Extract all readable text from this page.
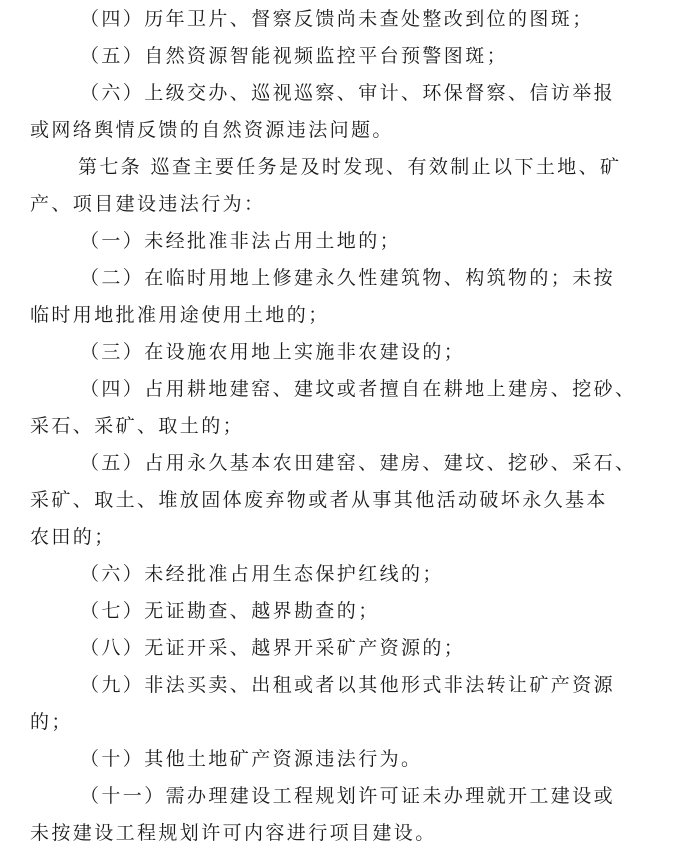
（四）历年卫片、督察反馈尚未查处整改到位的图斑；
（五）自然资源智能视频监控平台预警图斑；
（六）上级交办、巡视巡察、审计、环保督察、信访举报
或网络舆情反馈的自然资源违法问题。
第七条 巡查主要任务是及时发现、有效制止以下土地、矿
产、项目建设违法行为：
（一）未经批准非法占用土地的；
（二）在临时用地上修建永久性建筑物、构筑物的；未按
临时用地批准用途使用土地的；
（三）在设施农用地上实施非农建设的；
（四）占用耕地建窑、建坟或者擅自在耕地上建房、挖砂、
采石、采矿、取土的；
（五）占用永久基本农田建窑、建房、建坟、挖砂、采石、
采矿、取土、堆放固体废弃物或者从事其他活动破坏永久基本
农田的；
（六）未经批准占用生态保护红线的；
（七）无证勘查、越界勘查的；
（八）无证开采、越界开采矿产资源的；
（九）非法买卖、出租或者以其他形式非法转让矿产资源
的；
（十）其他土地矿产资源违法行为。
（十一）需办理建设工程规划许可证未办理就开工建设或
未按建设工程规划许可内容进行项目建设。
